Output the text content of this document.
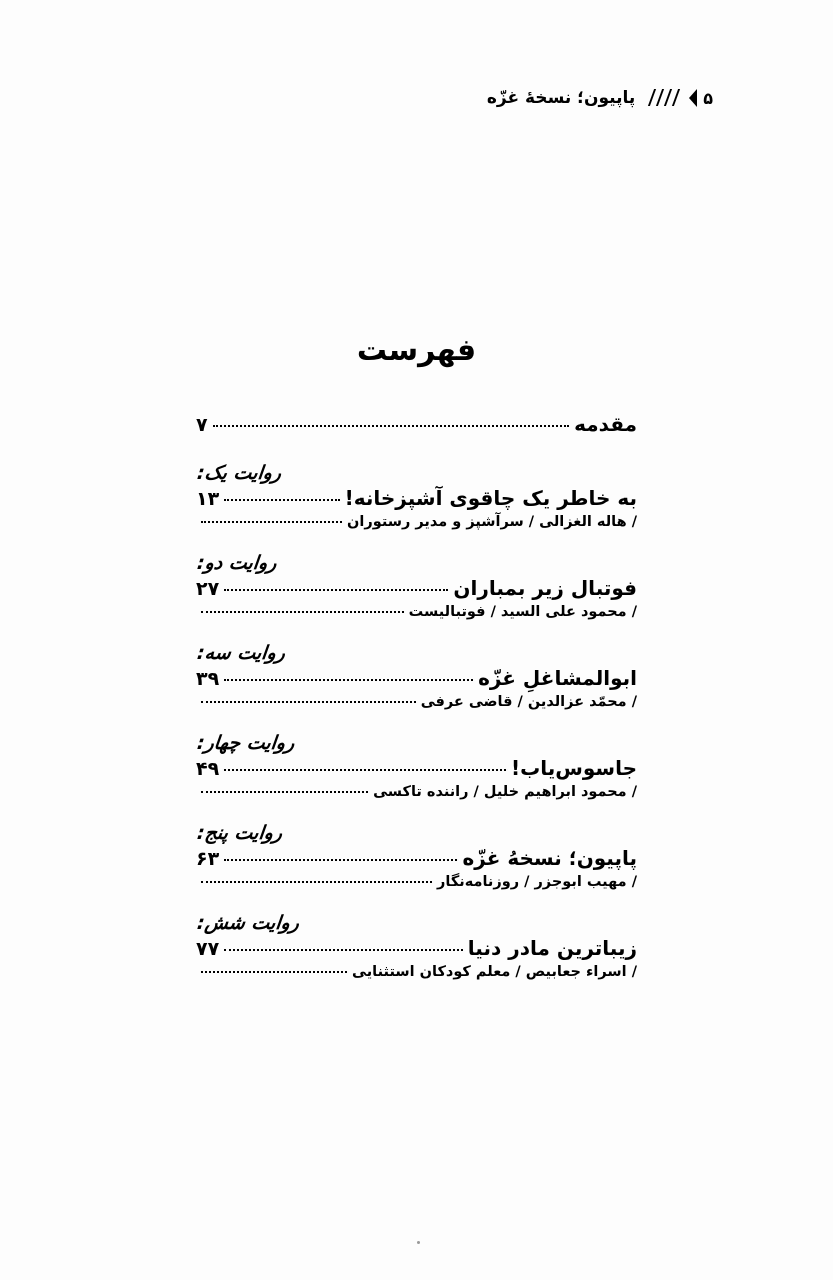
۵
پاپیون؛ نسخهٔ غزّه
فهرست
مقدمه
۷
روایت یک:
به خاطر یک چاقوی آشپزخانه!
۱۳
/ هاله الغزالی / سرآشپز و مدیر رستوران
روایت دو:
فوتبال زیر بمباران
۲۷
/ محمود علی السید / فوتبالیست
روایت سه:
ابوالمشاغلِ غزّه
۳۹
/ محمّد عزالدین / قاضی عرفی
روایت چهار:
جاسوس‌یاب!
۴۹
/ محمود ابراهیم خلیل / راننده تاکسی
روایت پنج:
پاپیون؛ نسخهُ غزّه
۶۳
/ مهیب ابوجزر / روزنامه‌نگار
روایت شش:
زیباترین مادر دنیا
۷۷
/ اسراء جعابیص / معلم کودکان استثنایی
